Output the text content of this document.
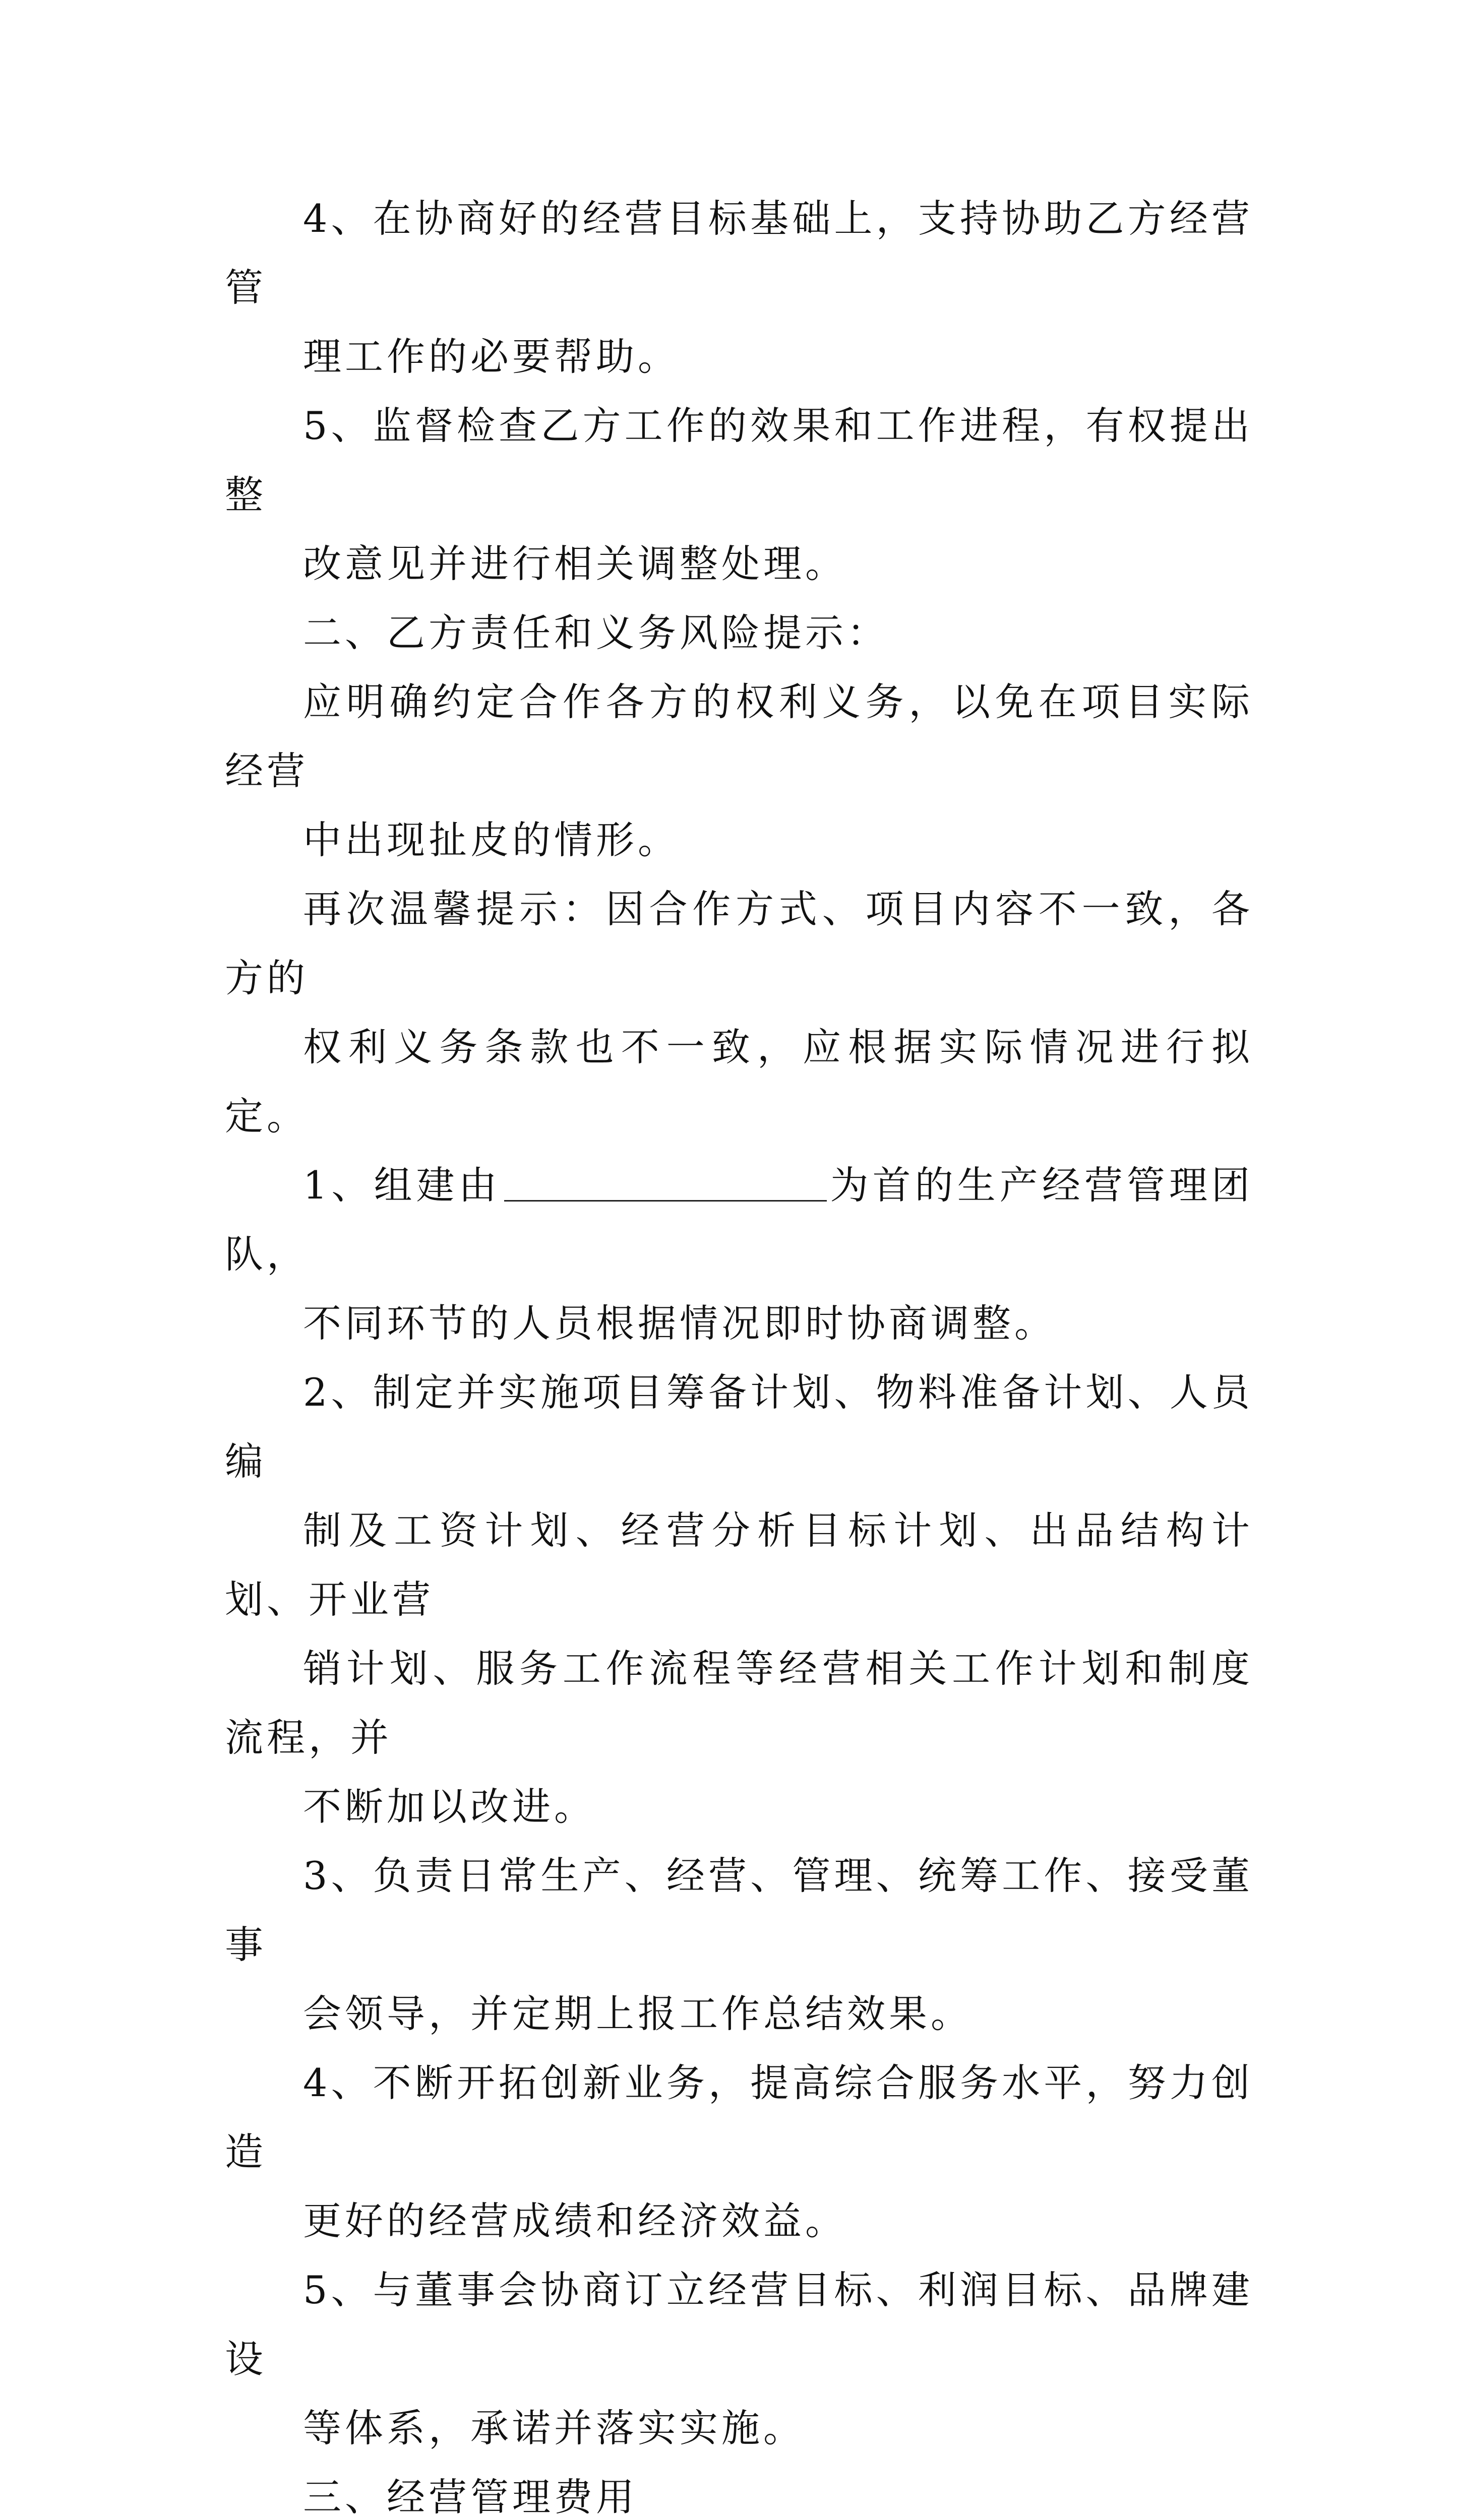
4、在协商好的经营目标基础上，支持协助乙方经营管
理工作的必要帮助。

5、监督检查乙方工作的效果和工作进程，有权提出整
改意见并进行相关调整处理。

二、乙方责任和义务风险提示：

应明确约定合作各方的权利义务，以免在项目实际经营
中出现扯皮的情形。

再次温馨提示：因合作方式、项目内容不一致，各方的
权利义务条款也不一致，应根据实际情况进行拟定。

1、组建由	为首的生产经营管理团队，
不同环节的人员根据情况即时协商调整。

2、制定并实施项目筹备计划、物料准备计划、人员编
制及工资计划、经营分析目标计划、出品结构计划、开业营
销计划、服务工作流程等经营相关工作计划和制度流程，并
不断加以改进。

3、负责日常生产、经营、管理、统筹工作、接受董事
会领导，并定期上报工作总结效果。

4、不断开拓创新业务，提高综合服务水平，努力创造
更好的经营成绩和经济效益。

5、与董事会协商订立经营目标、利润目标、品牌建设
等体系，承诺并落实实施。

三、经营管理费用
